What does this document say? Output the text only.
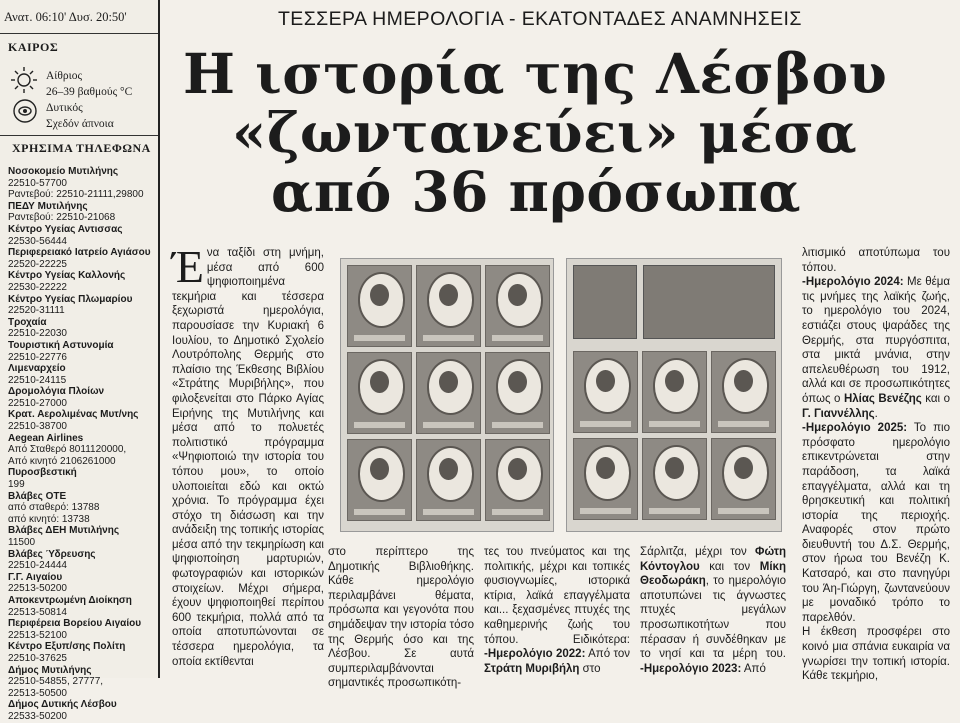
Ανατ. 06:10' Δυσ. 20:50'
ΚΑΙΡΟΣ
Αίθριος
26–39 βαθμούς °C
Δυτικός
Σχεδόν άπνοια
ΧΡΗΣΙΜΑ ΤΗΛΕΦΩΝΑ
Νοσοκομείο Μυτιλήνης
22510-57700
Ραντεβού: 22510-21111,29800
ΠΕΔΥ Μυτιλήνης
Ραντεβού: 22510-21068
Κέντρο Υγείας Αντισσας
22530-56444
Περιφερειακό Ιατρείο Αγιάσου
22520-22225
Κέντρο Υγείας Καλλονής
22530-22222
Κέντρο Υγείας Πλωμαρίου
22520-31111
Τροχαία
22510-22030
Τουριστική Αστυνομία
22510-22776
Λιμεναρχείο
22510-24115
Δρομολόγια Πλοίων
22510-27000
Κρατ. Αερολιμένας Μυτ/νης
22510-38700
Aegean Airlines
Από Σταθερό 8011120000,
Από κινητό 2106261000
Πυροσβεστική
199
Βλάβες ΟΤΕ
από σταθερό: 13788
από κινητό: 13738
Βλάβες ΔΕΗ Μυτιλήνης
11500
Βλάβες Ύδρευσης
22510-24444
Γ.Γ. Αιγαίου
22513-50200
Αποκεντρωμένη Διοίκηση
22513-50814
Περιφέρεια Βορείου Αιγαίου
22513-52100
Κέντρο Εξυπ/σης Πολίτη
22510-37625
Δήμος Μυτιλήνης
22510-54855, 27777,
22513-50500
Δήμος Δυτικής Λέσβου
22533-50200
ΤΕΣΣΕΡΑ ΗΜΕΡΟΛΟΓΙΑ - ΕΚΑΤΟΝΤΑΔΕΣ ΑΝΑΜΝΗΣΕΙΣ
Η ιστορία της Λέσβου
«ζωντανεύει» μέσα
από 36 πρόσωπα
Έ να ταξίδι στη μνήμη, μέσα από 600 ψηφιοποιημένα τεκμήρια και τέσσερα ξεχωριστά ημερολόγια, παρουσίασε την Κυριακή 6 Ιουλίου, το Δημοτικό Σχολείο Λουτρόπολης Θερμής στο πλαίσιο της Έκθεσης Βιβλίου «Στράτης Μυριβήλης», που φιλοξενείται στο Πάρκο Αγίας Ειρήνης της Μυτιλήνης και μέσα από το πολυετές πολιτιστικό πρόγραμμα «Ψηφιοποιώ την ιστορία του τόπου μου», το οποίο υλοποιείται εδώ και οκτώ χρόνια. Το πρόγραμμα έχει στόχο τη διάσωση και την ανάδειξη της τοπικής ιστορίας μέσα από την τεκμηρίωση και ψηφιοποίηση μαρτυριών, φωτογραφιών και ιστορικών στοιχείων. Μέχρι σήμερα, έχουν ψηφιοποιηθεί περίπου 600 τεκμήρια, πολλά από τα οποία αποτυπώνονται σε τέσσερα ημερολόγια, τα οποία εκτίθενται
στο περίπτερο της Δημοτικής Βιβλιοθήκης. Κάθε ημερολόγιο περιλαμβάνει θέματα, πρόσωπα και γεγονότα που σημάδεψαν την ιστορία τόσο της Θερμής όσο και της Λέσβου. Σε αυτά συμπεριλαμβάνονται σημαντικές προσωπικότη-
τες του πνεύματος και της πολιτικής, μέχρι και τοπικές φυσιογνωμίες, ιστορικά κτίρια, λαϊκά επαγγέλματα και... ξεχασμένες πτυχές της καθημερινής ζωής του τόπου. Ειδικότερα: -Ημερολόγιο 2022: Από τον Στράτη Μυριβήλη στο
Σάρλιτζα, μέχρι τον Φώτη Κόντογλου και τον Μίκη Θεοδωράκη, το ημερολόγιο αποτυπώνει τις άγνωστες πτυχές μεγάλων προσωπικοτήτων που πέρασαν ή συνδέθηκαν με το νησί και τα μέρη του. -Ημερολόγιο 2023: Από

λιτισμικό αποτύπωμα του τόπου.

-Ημερολόγιο 2024: Με θέμα τις μνήμες της λαϊκής ζωής, το ημερολόγιο του 2024, εστιάζει στους ψαράδες της Θερμής, στα πυργόσπιτα, στα μικτά μνάνια, στην απελευθέρωση του 1912, αλλά και σε προσωπικότητες όπως ο Ηλίας Βενέζης και ο Γ. Γιαννέλλης.

-Ημερολόγιο 2025: Το πιο πρόσφατο ημερολόγιο επικεντρώνεται στην παράδοση, τα λαϊκά επαγγέλματα, αλλά και τη θρησκευτική και πολιτική ιστορία της περιοχής. Αναφορές στον πρώτο διευθυντή του Δ.Σ. Θερμής, στον ήρωα του Βενέζη Κ. Κατσαρό, και στο πανηγύρι του Άη-Γιώργη, ζωντανεύουν με μοναδικό τρόπο το παρελθόν.

Η έκθεση προσφέρει στο κοινό μια σπάνια ευκαιρία να γνωρίσει την τοπική ιστορία. Κάθε τεκμήριο,
